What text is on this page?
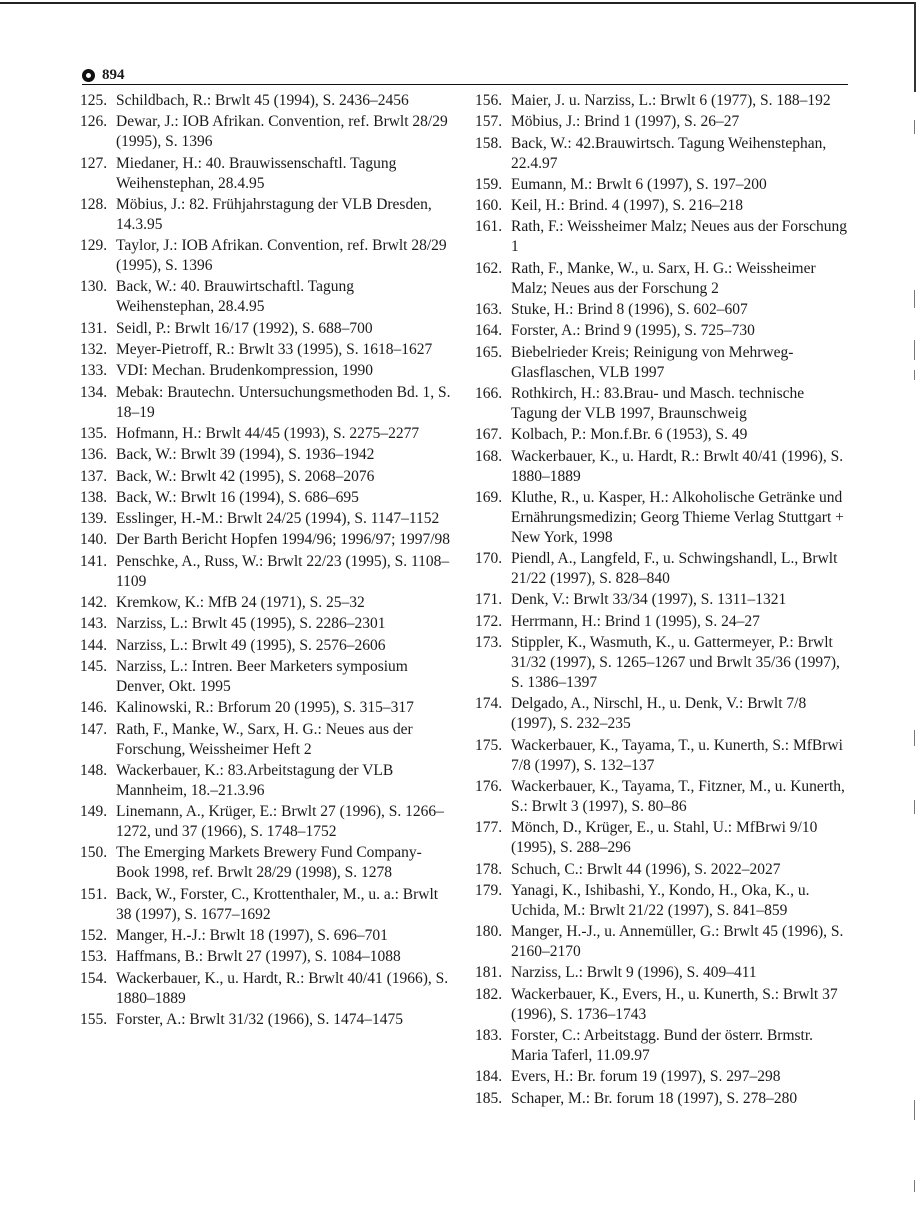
894
125. Schildbach, R.: Brwlt 45 (1994), S. 2436–2456
126. Dewar, J.: IOB Afrikan. Convention, ref. Brwlt 28/29 (1995), S. 1396
127. Miedaner, H.: 40. Brauwissenschaftl. Tagung Weihenstephan, 28.4.95
128. Möbius, J.: 82. Frühjahrstagung der VLB Dresden, 14.3.95
129. Taylor, J.: IOB Afrikan. Convention, ref. Brwlt 28/29 (1995), S. 1396
130. Back, W.: 40. Brauwirtschaftl. Tagung Weihenstephan, 28.4.95
131. Seidl, P.: Brwlt 16/17 (1992), S. 688–700
132. Meyer-Pietroff, R.: Brwlt 33 (1995), S. 1618–1627
133. VDI: Mechan. Brudenkompression, 1990
134. Mebak: Brautechn. Untersuchungsmethoden Bd. 1, S. 18–19
135. Hofmann, H.: Brwlt 44/45 (1993), S. 2275–2277
136. Back, W.: Brwlt 39 (1994), S. 1936–1942
137. Back, W.: Brwlt 42 (1995), S. 2068–2076
138. Back, W.: Brwlt 16 (1994), S. 686–695
139. Esslinger, H.-M.: Brwlt 24/25 (1994), S. 1147–1152
140. Der Barth Bericht Hopfen 1994/96; 1996/97; 1997/98
141. Penschke, A., Russ, W.: Brwlt 22/23 (1995), S. 1108–1109
142. Kremkow, K.: MfB 24 (1971), S. 25–32
143. Narziss, L.: Brwlt 45 (1995), S. 2286–2301
144. Narziss, L.: Brwlt 49 (1995), S. 2576–2606
145. Narziss, L.: Intren. Beer Marketers symposium Denver, Okt. 1995
146. Kalinowski, R.: Brforum 20 (1995), S. 315–317
147. Rath, F., Manke, W., Sarx, H. G.: Neues aus der Forschung, Weissheimer Heft 2
148. Wackerbauer, K.: 83.Arbeitstagung der VLB Mannheim, 18.–21.3.96
149. Linemann, A., Krüger, E.: Brwlt 27 (1996), S. 1266–1272, und 37 (1966), S. 1748–1752
150. The Emerging Markets Brewery Fund Company-Book 1998, ref. Brwlt 28/29 (1998), S. 1278
151. Back, W., Forster, C., Krottenthaler, M., u. a.: Brwlt 38 (1997), S. 1677–1692
152. Manger, H.-J.: Brwlt 18 (1997), S. 696–701
153. Haffmans, B.: Brwlt 27 (1997), S. 1084–1088
154. Wackerbauer, K., u. Hardt, R.: Brwlt 40/41 (1966), S. 1880–1889
155. Forster, A.: Brwlt 31/32 (1966), S. 1474–1475
156. Maier, J. u. Narziss, L.: Brwlt 6 (1977), S. 188–192
157. Möbius, J.: Brind 1 (1997), S. 26–27
158. Back, W.: 42.Brauwirtsch. Tagung Weihenstephan, 22.4.97
159. Eumann, M.: Brwlt 6 (1997), S. 197–200
160. Keil, H.: Brind. 4 (1997), S. 216–218
161. Rath, F.: Weissheimer Malz; Neues aus der Forschung 1
162. Rath, F., Manke, W., u. Sarx, H. G.: Weissheimer Malz; Neues aus der Forschung 2
163. Stuke, H.: Brind 8 (1996), S. 602–607
164. Forster, A.: Brind 9 (1995), S. 725–730
165. Biebelrieder Kreis; Reinigung von Mehrweg-Glasflaschen, VLB 1997
166. Rothkirch, H.: 83.Brau- und Masch. technische Tagung der VLB 1997, Braunschweig
167. Kolbach, P.: Mon.f.Br. 6 (1953), S. 49
168. Wackerbauer, K., u. Hardt, R.: Brwlt 40/41 (1996), S. 1880–1889
169. Kluthe, R., u. Kasper, H.: Alkoholische Getränke und Ernährungsmedizin; Georg Thieme Verlag Stuttgart + New York, 1998
170. Piendl, A., Langfeld, F., u. Schwingshandl, L., Brwlt 21/22 (1997), S. 828–840
171. Denk, V.: Brwlt 33/34 (1997), S. 1311–1321
172. Herrmann, H.: Brind 1 (1995), S. 24–27
173. Stippler, K., Wasmuth, K., u. Gattermeyer, P.: Brwlt 31/32 (1997), S. 1265–1267 und Brwlt 35/36 (1997), S. 1386–1397
174. Delgado, A., Nirschl, H., u. Denk, V.: Brwlt 7/8 (1997), S. 232–235
175. Wackerbauer, K., Tayama, T., u. Kunerth, S.: MfBrwi 7/8 (1997), S. 132–137
176. Wackerbauer, K., Tayama, T., Fitzner, M., u. Kunerth, S.: Brwlt 3 (1997), S. 80–86
177. Mönch, D., Krüger, E., u. Stahl, U.: MfBrwi 9/10 (1995), S. 288–296
178. Schuch, C.: Brwlt 44 (1996), S. 2022–2027
179. Yanagi, K., Ishibashi, Y., Kondo, H., Oka, K., u. Uchida, M.: Brwlt 21/22 (1997), S. 841–859
180. Manger, H.-J., u. Annemüller, G.: Brwlt 45 (1996), S. 2160–2170
181. Narziss, L.: Brwlt 9 (1996), S. 409–411
182. Wackerbauer, K., Evers, H., u. Kunerth, S.: Brwlt 37 (1996), S. 1736–1743
183. Forster, C.: Arbeitstagg. Bund der österr. Brmstr. Maria Taferl, 11.09.97
184. Evers, H.: Br. forum 19 (1997), S. 297–298
185. Schaper, M.: Br. forum 18 (1997), S. 278–280
